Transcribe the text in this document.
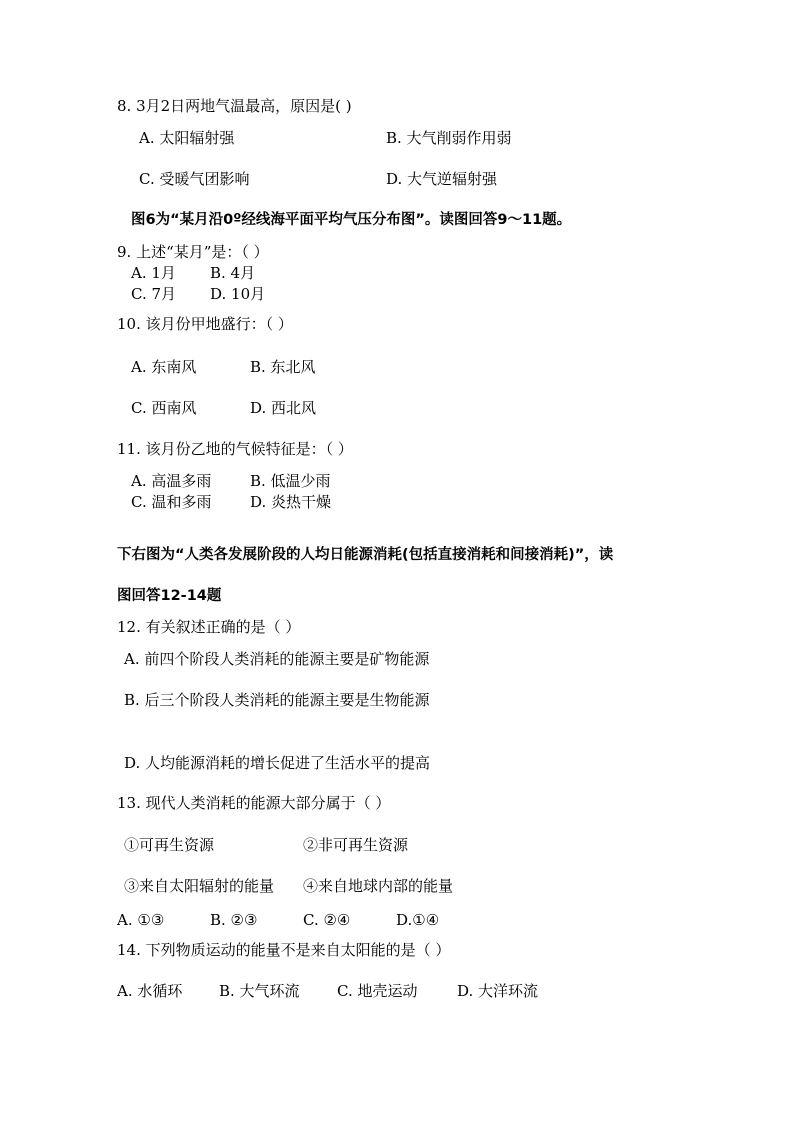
8. 3月2日两地气温最高，原因是( )
A. 太阳辐射强	B. 大气削弱作用弱
C. 受暖气团影响	D. 大气逆辐射强
图6为“某月沿0º经线海平面平均气压分布图”。读图回答9～11题。
9. 上述“某月”是：（ ）
A. 1月 B. 4月
C. 7月 D. 10月
10. 该月份甲地盛行：（ ）
A. 东南风	B. 东北风
C. 西南风	D. 西北风
11. 该月份乙地的气候特征是：（ ）
A. 高温多雨	B. 低温少雨
C. 温和多雨	D. 炎热干燥
下右图为“人类各发展阶段的人均日能源消耗(包括直接消耗和间接消耗)”，读
图回答12-14题
12. 有关叙述正确的是（ ）
A. 前四个阶段人类消耗的能源主要是矿物能源
B. 后三个阶段人类消耗的能源主要是生物能源
D. 人均能源消耗的增长促进了生活水平的提高
13. 现代人类消耗的能源大部分属于（ ）
①可再生资源	②非可再生资源
③来自太阳辐射的能量 ④来自地球内部的能量
A. ①③	B. ②③	C. ②④	D.①④
14. 下列物质运动的能量不是来自太阳能的是（ ）
A. 水循环 B. 大气环流 C. 地壳运动	D. 大洋环流
